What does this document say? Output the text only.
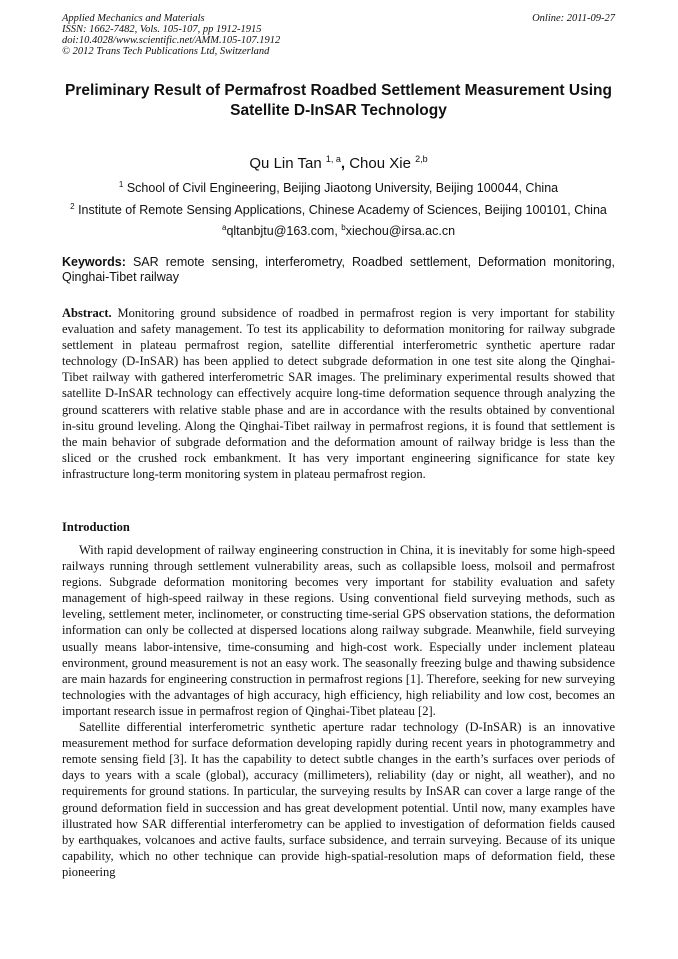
Applied Mechanics and Materials
ISSN: 1662-7482, Vols. 105-107, pp 1912-1915
doi:10.4028/www.scientific.net/AMM.105-107.1912
© 2012 Trans Tech Publications Ltd, Switzerland
Online: 2011-09-27
Preliminary Result of Permafrost Roadbed Settlement Measurement Using Satellite D-InSAR Technology
Qu Lin Tan $^{1, a}$, Chou Xie $^{2,b}$
$^1$ School of Civil Engineering, Beijing Jiaotong University, Beijing 100044, China
$^2$ Institute of Remote Sensing Applications, Chinese Academy of Sciences, Beijing 100101, China
$^a$qltanbjtu@163.com, $^b$xiechou@irsa.ac.cn
Keywords: SAR remote sensing, interferometry, Roadbed settlement, Deformation monitoring, Qinghai-Tibet railway
Abstract. Monitoring ground subsidence of roadbed in permafrost region is very important for stability evaluation and safety management. To test its applicability to deformation monitoring for railway subgrade settlement in plateau permafrost region, satellite differential interferometric synthetic aperture radar technology (D-InSAR) has been applied to detect subgrade deformation in one test site along the Qinghai-Tibet railway with gathered interferometric SAR images. The preliminary experimental results showed that satellite D-InSAR technology can effectively acquire long-time deformation sequence through analyzing the ground scatterers with relative stable phase and are in accordance with the results obtained by conventional in-situ ground leveling. Along the Qinghai-Tibet railway in permafrost regions, it is found that settlement is the main behavior of subgrade deformation and the deformation amount of railway bridge is less than the sliced or the crushed rock embankment. It has very important engineering significance for state key infrastructure long-term monitoring system in plateau permafrost region.
Introduction

With rapid development of railway engineering construction in China, it is inevitably for some high-speed railways running through settlement vulnerability areas, such as collapsible loess, molsoil and permafrost regions. Subgrade deformation monitoring becomes very important for stability evaluation and safety management of high-speed railway in these regions. Using conventional field surveying methods, such as leveling, settlement meter, inclinometer, or constructing time-serial GPS observation stations, the deformation information can only be collected at dispersed locations along railway subgrade. Meanwhile, field surveying usually means labor-intensive, time-consuming and high-cost work. Especially under inclement plateau environment, ground measurement is not an easy work. The seasonally freezing bulge and thawing subsidence are main hazards for engineering construction in permafrost regions [1]. Therefore, seeking for new surveying technologies with the advantages of high accuracy, high efficiency, high reliability and low cost, becomes an important research issue in permafrost region of Qinghai-Tibet plateau [2].

Satellite differential interferometric synthetic aperture radar technology (D-InSAR) is an innovative measurement method for surface deformation developing rapidly during recent years in photogrammetry and remote sensing field [3]. It has the capability to detect subtle changes in the earth’s surfaces over periods of days to years with a scale (global), accuracy (millimeters), reliability (day or night, all weather), and no requirements for ground stations. In particular, the surveying results by InSAR can cover a large range of the ground deformation field in succession and has great development potential. Until now, many examples have illustrated how SAR differential interferometry can be applied to investigation of deformation fields caused by earthquakes, volcanoes and active faults, surface subsidence, and terrain surveying. Because of its unique capability, which no other technique can provide high-spatial-resolution maps of deformation field, these pioneering
